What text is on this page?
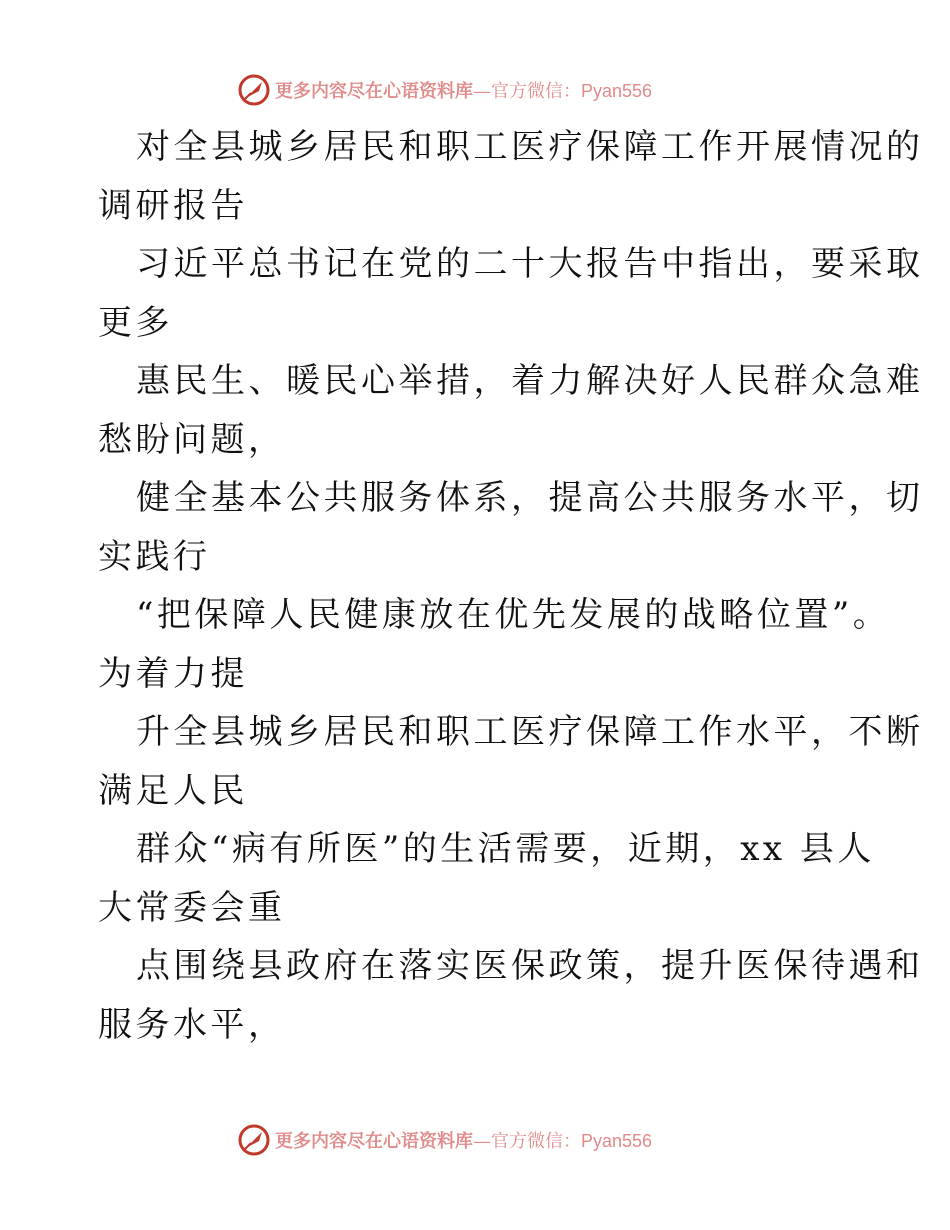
更多内容尽在心语资料库—官方微信：Pyan556
对全县城乡居民和职工医疗保障工作开展情况的
调研报告
习近平总书记在党的二十大报告中指出，要采取
更多
惠民生、暖民心举措，着力解决好人民群众急难
愁盼问题，
健全基本公共服务体系，提高公共服务水平，切
实践行
“把保障人民健康放在优先发展的战略位置”。
为着力提
升全县城乡居民和职工医疗保障工作水平，不断
满足人民
群众“病有所医”的生活需要，近期，xx 县人
大常委会重
点围绕县政府在落实医保政策，提升医保待遇和
服务水平，
更多内容尽在心语资料库—官方微信：Pyan556
